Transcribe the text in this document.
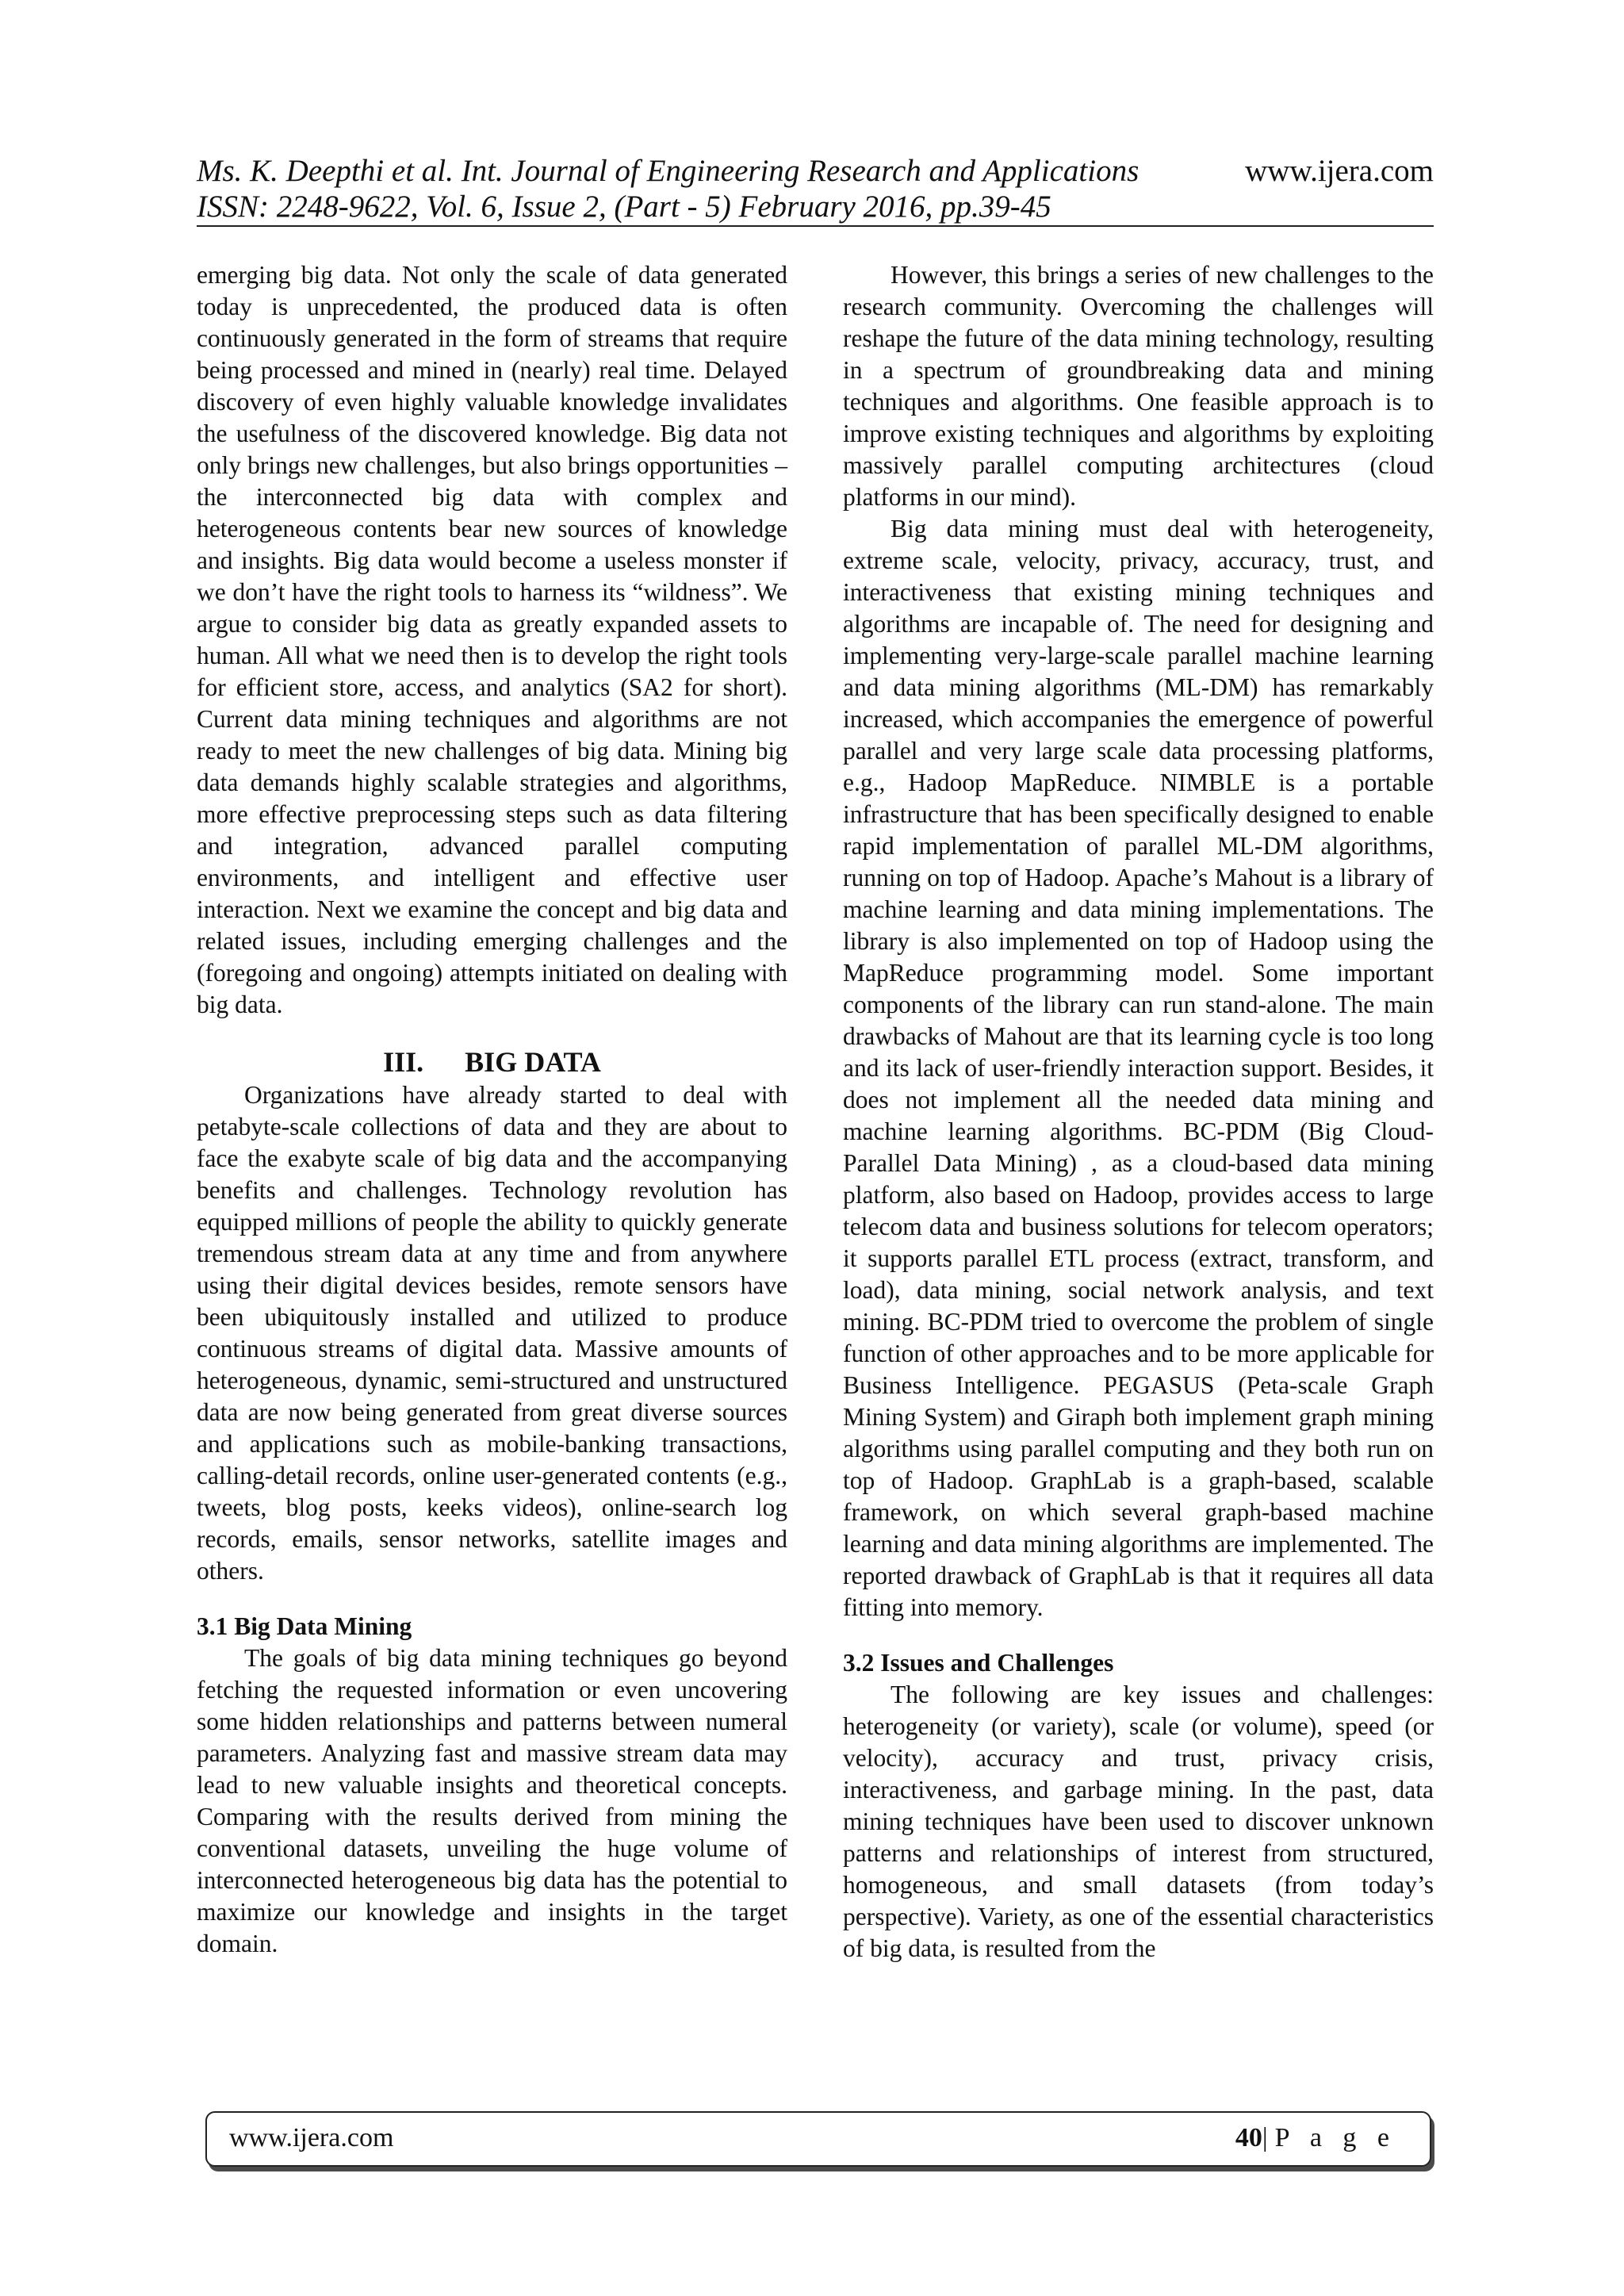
Ms. K. Deepthi et al. Int. Journal of Engineering Research and Applications	www.ijera.com
ISSN: 2248-9622, Vol. 6, Issue 2, (Part - 5) February 2016, pp.39-45

emerging big data. Not only the scale of data generated today is unprecedented, the produced data is often continuously generated in the form of streams that require being processed and mined in (nearly) real time. Delayed discovery of even highly valuable knowledge invalidates the usefulness of the discovered knowledge. Big data not only brings new challenges, but also brings opportunities – the interconnected big data with complex and heterogeneous contents bear new sources of knowledge and insights. Big data would become a useless monster if we don’t have the right tools to harness its “wildness”. We argue to consider big data as greatly expanded assets to human. All what we need then is to develop the right tools for efficient store, access, and analytics (SA2 for short). Current data mining techniques and algorithms are not ready to meet the new challenges of big data. Mining big data demands highly scalable strategies and algorithms, more effective preprocessing steps such as data filtering and integration, advanced parallel computing environments, and intelligent and effective user interaction. Next we examine the concept and big data and related issues, including emerging challenges and the (foregoing and ongoing) attempts initiated on dealing with big data.

III. BIG DATA

Organizations have already started to deal with petabyte-scale collections of data and they are about to face the exabyte scale of big data and the accompanying benefits and challenges. Technology revolution has equipped millions of people the ability to quickly generate tremendous stream data at any time and from anywhere using their digital devices besides, remote sensors have been ubiquitously installed and utilized to produce continuous streams of digital data. Massive amounts of heterogeneous, dynamic, semi-structured and unstructured data are now being generated from great diverse sources and applications such as mobile-banking transactions, calling-detail records, online user-generated contents (e.g., tweets, blog posts, keeks videos), online-search log records, emails, sensor networks, satellite images and others.

3.1 Big Data Mining

The goals of big data mining techniques go beyond fetching the requested information or even uncovering some hidden relationships and patterns between numeral parameters. Analyzing fast and massive stream data may lead to new valuable insights and theoretical concepts. Comparing with the results derived from mining the conventional datasets, unveiling the huge volume of interconnected heterogeneous big data has the potential to maximize our knowledge and insights in the target domain.

However, this brings a series of new challenges to the research community. Overcoming the challenges will reshape the future of the data mining technology, resulting in a spectrum of groundbreaking data and mining techniques and algorithms. One feasible approach is to improve existing techniques and algorithms by exploiting massively parallel computing architectures (cloud platforms in our mind).

Big data mining must deal with heterogeneity, extreme scale, velocity, privacy, accuracy, trust, and interactiveness that existing mining techniques and algorithms are incapable of. The need for designing and implementing very-large-scale parallel machine learning and data mining algorithms (ML-DM) has remarkably increased, which accompanies the emergence of powerful parallel and very large scale data processing platforms, e.g., Hadoop MapReduce. NIMBLE is a portable infrastructure that has been specifically designed to enable rapid implementation of parallel ML-DM algorithms, running on top of Hadoop. Apache’s Mahout is a library of machine learning and data mining implementations. The library is also implemented on top of Hadoop using the MapReduce programming model. Some important components of the library can run stand-alone. The main drawbacks of Mahout are that its learning cycle is too long and its lack of user-friendly interaction support. Besides, it does not implement all the needed data mining and machine learning algorithms. BC-PDM (Big Cloud-Parallel Data Mining) , as a cloud-based data mining platform, also based on Hadoop, provides access to large telecom data and business solutions for telecom operators; it supports parallel ETL process (extract, transform, and load), data mining, social network analysis, and text mining. BC-PDM tried to overcome the problem of single function of other approaches and to be more applicable for Business Intelligence. PEGASUS (Peta-scale Graph Mining System) and Giraph both implement graph mining algorithms using parallel computing and they both run on top of Hadoop. GraphLab is a graph-based, scalable framework, on which several graph-based machine learning and data mining algorithms are implemented. The reported drawback of GraphLab is that it requires all data fitting into memory.

3.2 Issues and Challenges

The following are key issues and challenges: heterogeneity (or variety), scale (or volume), speed (or velocity), accuracy and trust, privacy crisis, interactiveness, and garbage mining. In the past, data mining techniques have been used to discover unknown patterns and relationships of interest from structured, homogeneous, and small datasets (from today’s perspective). Variety, as one of the essential characteristics of big data, is resulted from the

www.ijera.com	40|P a g e
